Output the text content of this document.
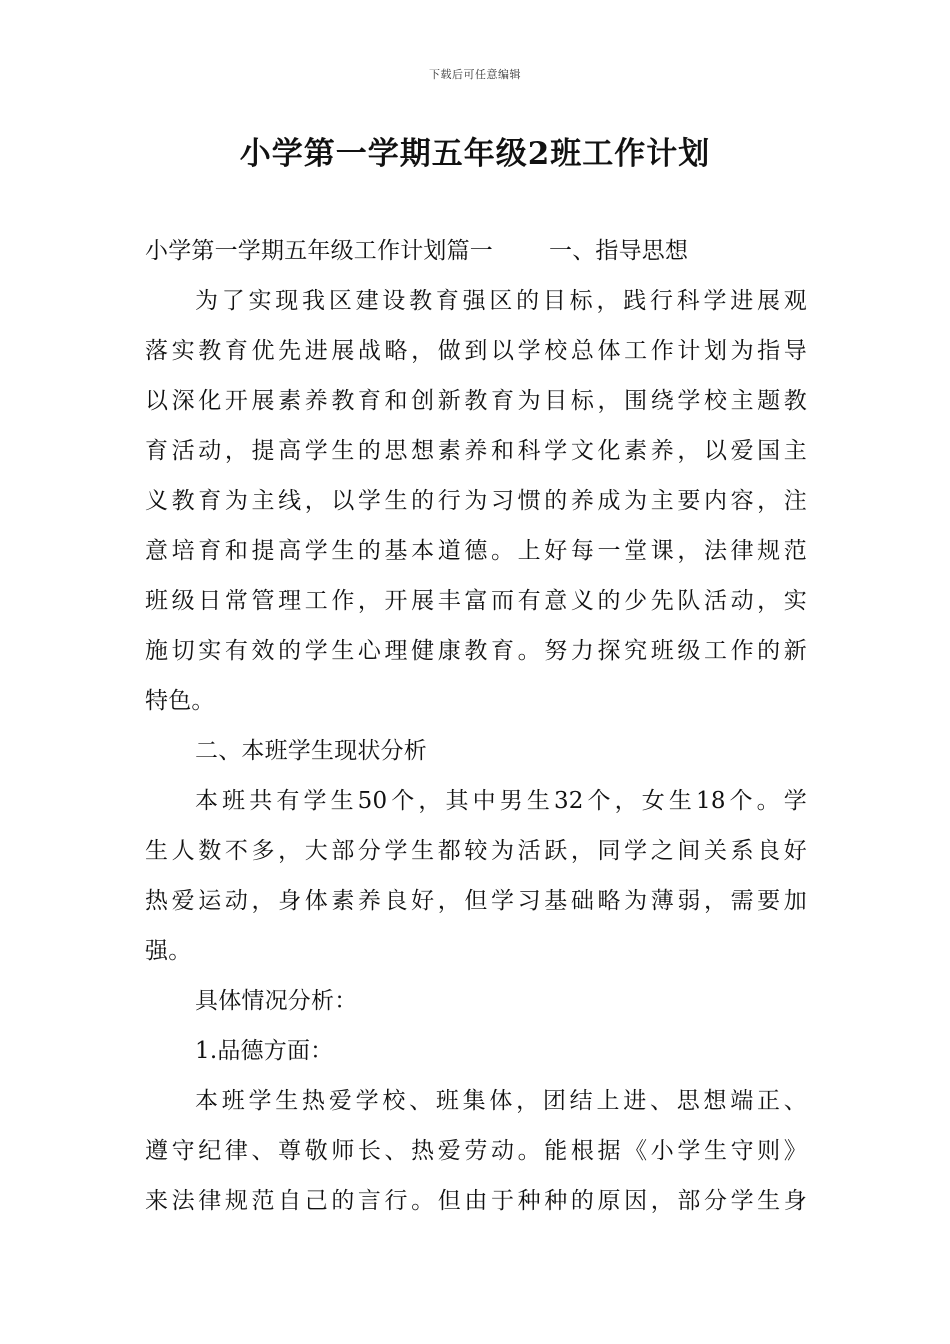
下载后可任意编辑
小学第一学期五年级2班工作计划

小学第一学期五年级工作计划篇一 一、指导思想

为了实现我区建设教育强区的目标，践行科学进展观

落实教育优先进展战略，做到以学校总体工作计划为指导

以深化开展素养教育和创新教育为目标，围绕学校主题教

育活动，提高学生的思想素养和科学文化素养，以爱国主

义教育为主线，以学生的行为习惯的养成为主要内容，注

意培育和提高学生的基本道德。上好每一堂课，法律规范

班级日常管理工作，开展丰富而有意义的少先队活动，实

施切实有效的学生心理健康教育。努力探究班级工作的新

特色。

二、本班学生现状分析

本班共有学生50个，其中男生32个，女生18个。学

生人数不多，大部分学生都较为活跃，同学之间关系良好

热爱运动，身体素养良好，但学习基础略为薄弱，需要加

强。

具体情况分析：

1.品德方面：

本班学生热爱学校、班集体，团结上进、思想端正、

遵守纪律、尊敬师长、热爱劳动。能根据《小学生守则》

来法律规范自己的言行。但由于种种的原因，部分学生身
